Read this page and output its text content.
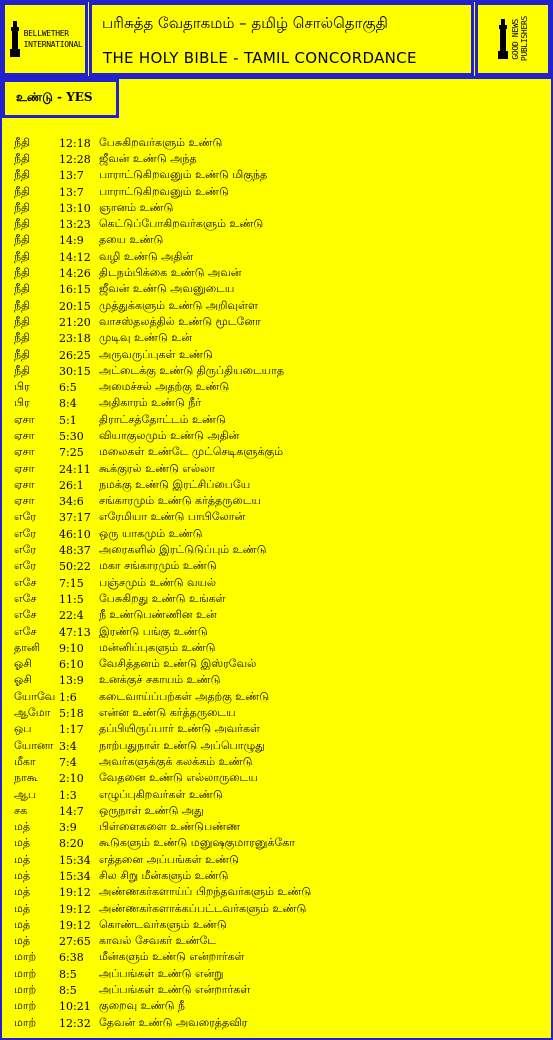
BELLWETHER
INTERNATIONAL
பரிசுத்த வேதாகமம் – தமிழ் சொல்தொகுதி
THE HOLY BIBLE - TAMIL CONCORDANCE	GOOD NEWS PUBLISHERS
உண்டு - YES
நீதி	12:18 பேசுகிறவர்களும் உண்டு
நீதி	12:28 ஜீவன் உண்டு அந்த
நீதி	13:7	பாராட்டுகிறவனும் உண்டு மிகுந்த
நீதி	13:7	பாராட்டுகிறவனும் உண்டு
நீதி	13:10 ஞானம் உண்டு
நீதி	13:23 கெட்டுப்போகிறவர்களும் உண்டு
நீதி	14:9	தயை உண்டு
நீதி	14:12 வழி உண்டு அதின்
நீதி	14:26 திடநம்பிக்கை உண்டு அவன்
நீதி	16:15 ஜீவன் உண்டு அவனுடைய
நீதி	20:15 முத்துக்களும் உண்டு அறிவுள்ள
நீதி	21:20 வாசஸ்தலத்தில் உண்டு மூடனோ
நீதி	23:18 முடிவு உண்டு உன்
நீதி	26:25 அருவருப்புகள் உண்டு
நீதி	30:15 அட்டைக்கு உண்டு திருப்தியடையாத
பிர	6:5	அமைச்சல் அதற்கு உண்டு
பிர	8:4	அதிகாரம் உண்டு நீர்
ஏசா	5:1	திராட்சத்தோட்டம் உண்டு
ஏசா	5:30	வியாகுலமும் உண்டு அதின்
ஏசா	7:25	மலைகள் உண்டே முட்செடிகளுக்கும்
ஏசா	24:11 கூக்குரல் உண்டு எல்லா
ஏசா	26:1	நமக்கு உண்டு இரட்சிப்பையே
ஏசா	34:6	சங்காரமும் உண்டு கர்த்தருடைய
எரே	37:17 எரேமியா உண்டு பாபிலோன்
எரே	46:10 ஒரு யாகமும் உண்டு
எரே	48:37 அரைகளில் இரட்டுடுப்பும் உண்டு
எரே	50:22 மகா சங்காரமும் உண்டு
எசே	7:15	பஞ்சமும் உண்டு வயல்
எசே	11:5	பேசுகிறது உண்டு உங்கள்
எசே	22:4	நீ உண்டுபண்ணின உன்
எசே	47:13 இரண்டு பங்கு உண்டு
தானி	9:10	மன்னிப்புகளும் உண்டு
ஓசி	6:10	வேசித்தனம் உண்டு இஸ்ரவேல்
ஓசி	13:9	உனக்குச் சகாயம் உண்டு
யோவே 1:6	கடைவாய்ப்பற்கள் அதற்கு உண்டு
ஆமோ 5:18	என்ன உண்டு கர்த்தருடைய
ஒப	1:17	தப்பியிருப்பார் உண்டு அவர்கள்
யோனா 3:4	நாற்பதுநாள் உண்டு அப்பொழுது
மீகா	7:4	அவர்களுக்குக் கலக்கம் உண்டு
நாகூ	2:10	வேதனை உண்டு எல்லாருடைய
ஆப	1:3	எழுப்புகிறவர்கள் உண்டு
சக	14:7	ஒருநாள் உண்டு அது
மத்	3:9	பிள்ளைகளை உண்டுபண்ண
மத்	8:20	கூடுகளும் உண்டு மனுஷகுமாரனுக்கோ
மத்	15:34 எத்தனை அப்பங்கள் உண்டு
மத்	15:34 சில சிறு மீன்களும் உண்டு
மத்	19:12 அண்ணகர்களாய்ப் பிறந்தவர்களும் உண்டு
மத்	19:12 அண்ணகர்களாக்கப்பட்டவர்களும் உண்டு
மத்	19:12 கொண்டவர்களும் உண்டு
மத்	27:65 காவல் சேவகர் உண்டே
மாற்	6:38	மீன்களும் உண்டு என்றார்கள்
மாற்	8:5	அப்பங்கள் உண்டு என்று
மாற்	8:5	அப்பங்கள் உண்டு என்றார்கள்
மாற்	10:21 குறைவு உண்டு நீ
மாற்	12:32 தேவன் உண்டு அவரைத்தவிர
